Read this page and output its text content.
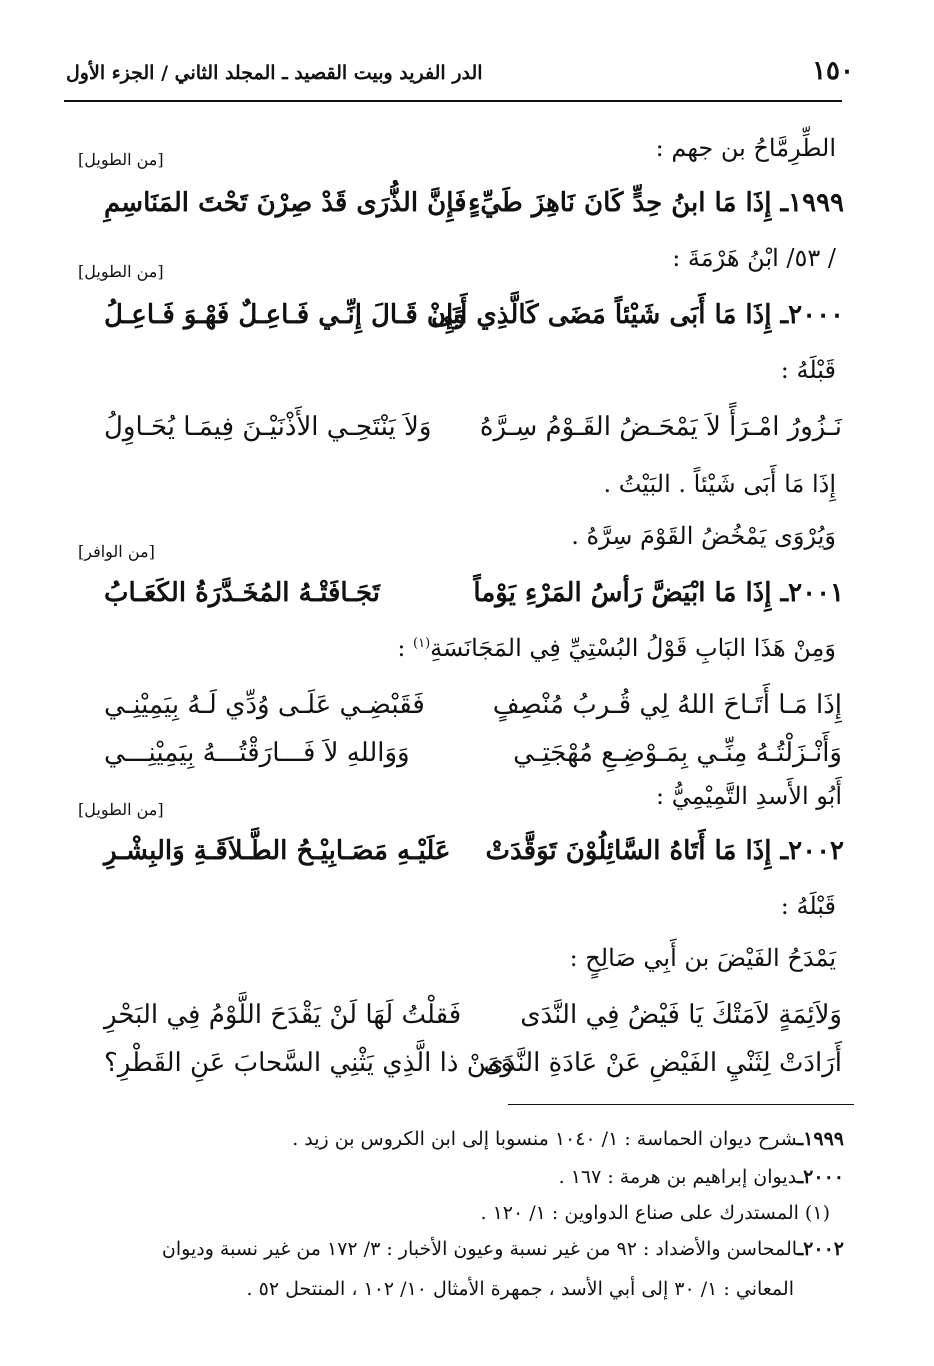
١٥٠
الدر الفريد وبيت القصيد ـ المجلد الثاني / الجزء الأول
الطِّرِمَّاحُ بن جهم :
[من الطويل]
١٩٩٩ـ إِذَا مَا ابنُ حِدٍّ كَانَ نَاهِزَ طَيِّءٍ
فَإِنَّ الذُّرَى قَدْ صِرْنَ تَحْتَ المَنَاسِمِ
/ ٥٣/ ابْنُ هَرْمَةَ :
[من الطويل]
٢٠٠٠ـ إِذَا مَا أَبَى شَيْئاً مَضَى كَالَّذِي أَبَى
وَإِنْ قَـالَ إِنِّـي فَـاعِـلٌ فَهْـوَ فَـاعِـلُ
قَبْلَهُ :
نَـزُورُ امْـرَأً لاَ يَمْحَـضُ القَـوْمُ سِـرَّهُ
وَلاَ يَنْتَحِـي الأَذْنَيْـنَ فِيمَـا يُحَـاوِلُ
إِذَا مَا أَبَى شَيْئاً . البَيْتُ .
وَيُرْوَى يَمْخُضُ القَوْمَ سِرَّهُ .
[من الوافر]
٢٠٠١ـ إِذَا مَا ابْيَضَّ رَأسُ المَرْءِ يَوْماً
تَجَـافَتْـهُ المُخَـدَّرَةُ الكَعَـابُ
وَمِنْ هَذَا البَابِ قَوْلُ البُسْتِيِّ فِي المَجَانَسَةِ$^{(١)}$ :
إِذَا مَـا أَتَـاحَ اللهُ لِي قُـربُ مُنْصِفٍ
فَقَبْضِـي عَلَـى وُدِّي لَـهُ بِيَمِيْنِـي
وَأَنْـزَلْتُـهُ مِنِّـي بِمَـوْضِـعِ مُهْجَتِـي
وَوَاللهِ لاَ فَـــارَقْتُـــهُ بِيَمِيْنِـــي
أَبُو الأَسدِ التَّمِيْمِيُّ :
[من الطويل]
٢٠٠٢ـ إِذَا مَا أَتَاهُ السَّائِلُوْنَ تَوَقَّدَتْ
عَلَيْـهِ مَصَـابِيْـحُ الطَّـلاَقَـةِ وَالبِشْـرِ
قَبْلَهُ :
يَمْدَحُ الفَيْضَ بن أَبِي صَالِحٍ :
وَلاَئِمَةٍ لاَمَتْكَ يَا فَيْضُ فِي النَّدَى
فَقلْتُ لَهَا لَنْ يَقْدَحَ اللَّوْمُ فِي البَحْرِ
أَرَادَتْ لِثَنْيِ الفَيْضِ عَنْ عَادَةِ النَّدَى
وَمَنْ ذا الَّذِي يَثْنِي السَّحابَ عَنِ القَطْرِ؟
١٩٩٩ـشرح ديوان الحماسة : ١/ ١٠٤٠ منسوبا إلى ابن الكروس بن زيد .
٢٠٠٠ـديوان إبراهيم بن هرمة : ١٦٧ .
(١) المستدرك على صناع الدواوين : ١/ ١٢٠ .
٢٠٠٢ـالمحاسن والأضداد : ٩٢ من غير نسبة وعيون الأخبار : ٣/ ١٧٢ من غير نسبة وديوان
المعاني : ١/ ٣٠ إلى أبي الأسد ، جمهرة الأمثال ١٠/ ١٠٢ ، المنتحل ٥٢ .
